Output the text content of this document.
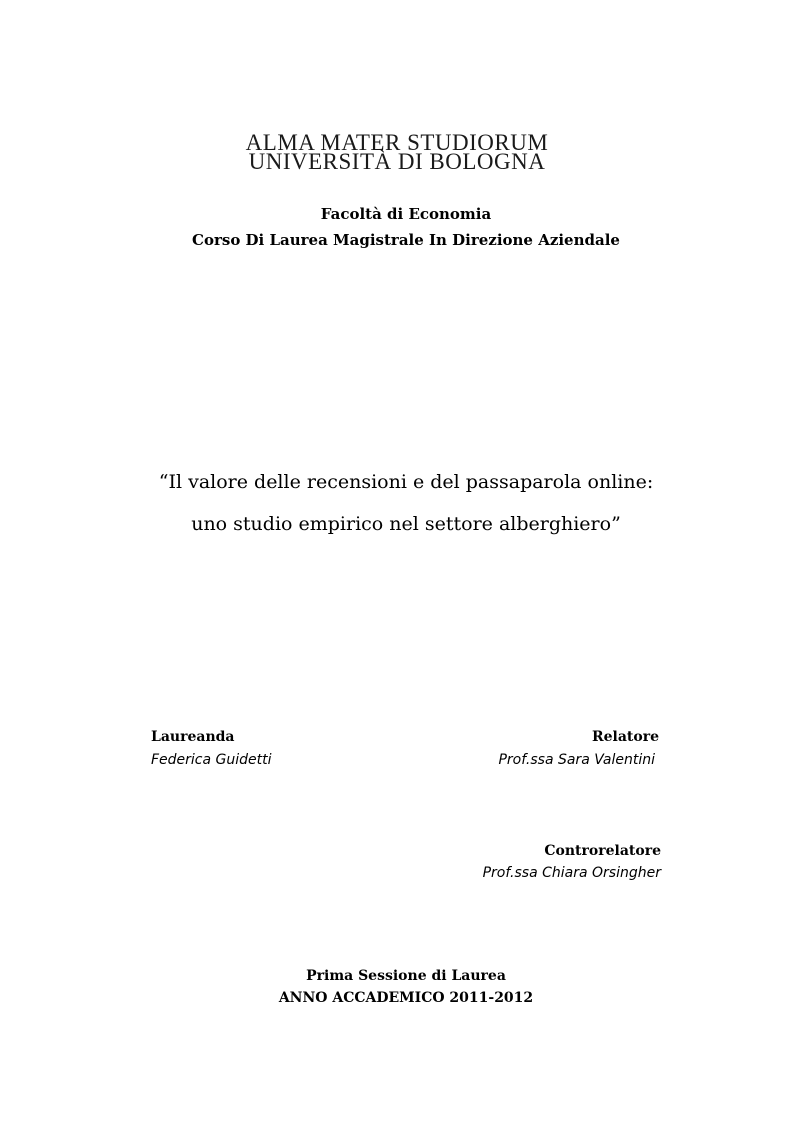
ALMA MATER STUDIORUM
UNIVERSITÀ DI BOLOGNA
Facoltà di Economia
Corso Di Laurea Magistrale In Direzione Aziendale
“Il valore delle recensioni e del passaparola online:
uno studio empirico nel settore alberghiero”
Laureanda
Federica Guidetti
Relatore
Prof.ssa Sara Valentini
Controrelatore
Prof.ssa Chiara Orsingher
Prima Sessione di Laurea
ANNO ACCADEMICO 2011-2012
